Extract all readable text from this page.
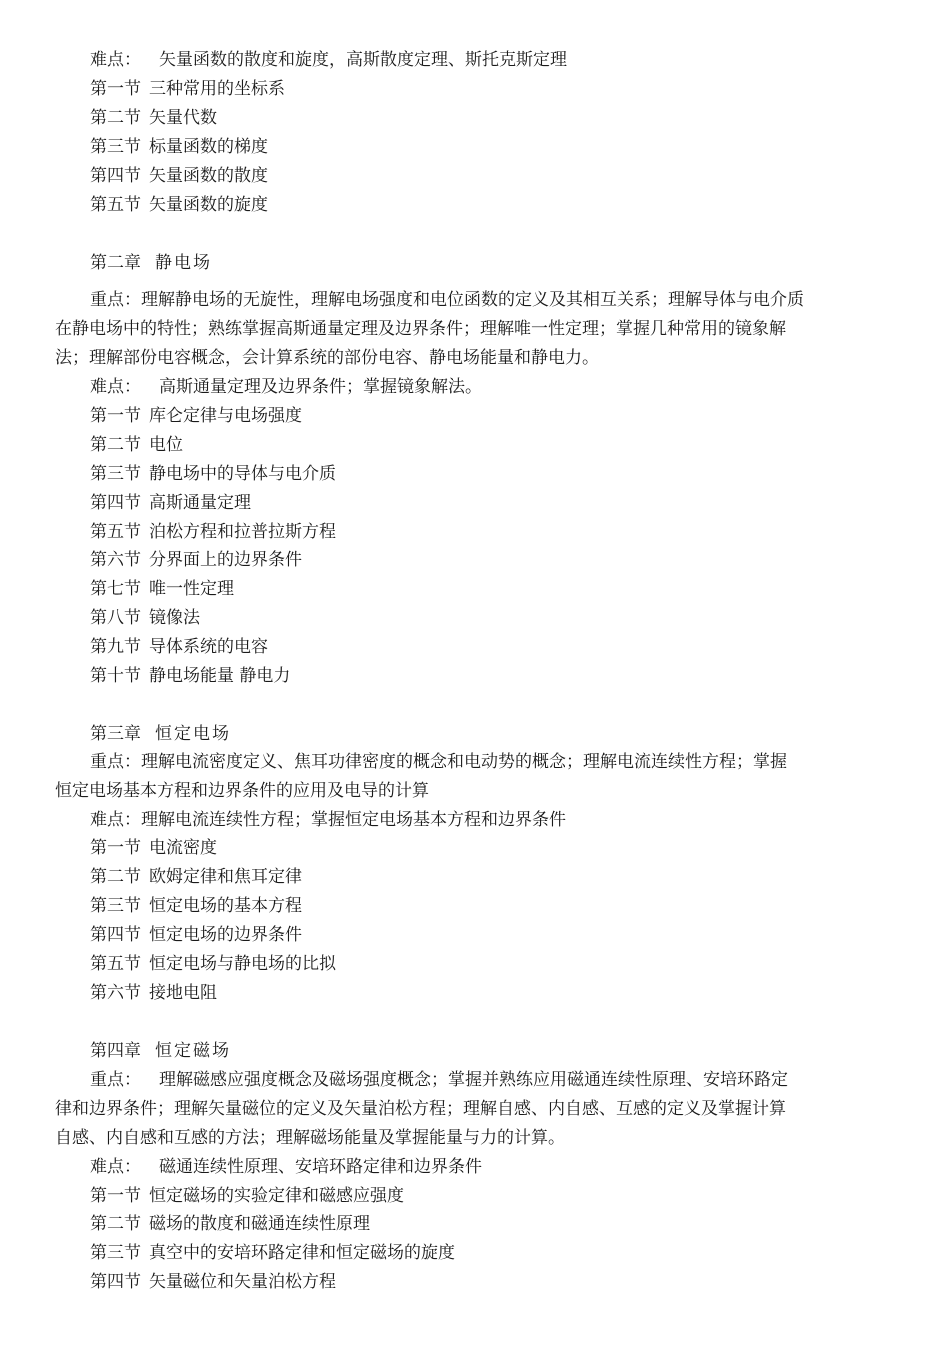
难点： 矢量函数的散度和旋度，高斯散度定理、斯托克斯定理
第一节 三种常用的坐标系
第二节 矢量代数
第三节 标量函数的梯度
第四节 矢量函数的散度
第五节 矢量函数的旋度
第二章 静电场
重点：理解静电场的无旋性，理解电场强度和电位函数的定义及其相互关系；理解导体与电介质
在静电场中的特性；熟练掌握高斯通量定理及边界条件；理解唯一性定理；掌握几种常用的镜象解
法；理解部份电容概念，会计算系统的部份电容、静电场能量和静电力。
难点： 高斯通量定理及边界条件；掌握镜象解法。
第一节 库仑定律与电场强度
第二节 电位
第三节 静电场中的导体与电介质
第四节 高斯通量定理
第五节 泊松方程和拉普拉斯方程
第六节 分界面上的边界条件
第七节 唯一性定理
第八节 镜像法
第九节 导体系统的电容
第十节 静电场能量 静电力
第三章 恒定电场
重点：理解电流密度定义、焦耳功律密度的概念和电动势的概念；理解电流连续性方程；掌握
恒定电场基本方程和边界条件的应用及电导的计算
难点：理解电流连续性方程；掌握恒定电场基本方程和边界条件
第一节 电流密度
第二节 欧姆定律和焦耳定律
第三节 恒定电场的基本方程
第四节 恒定电场的边界条件
第五节 恒定电场与静电场的比拟
第六节 接地电阻
第四章 恒定磁场
重点： 理解磁感应强度概念及磁场强度概念；掌握并熟练应用磁通连续性原理、安培环路定
律和边界条件；理解矢量磁位的定义及矢量泊松方程；理解自感、内自感、互感的定义及掌握计算
自感、内自感和互感的方法；理解磁场能量及掌握能量与力的计算。
难点： 磁通连续性原理、安培环路定律和边界条件
第一节 恒定磁场的实验定律和磁感应强度
第二节 磁场的散度和磁通连续性原理
第三节 真空中的安培环路定律和恒定磁场的旋度
第四节 矢量磁位和矢量泊松方程
